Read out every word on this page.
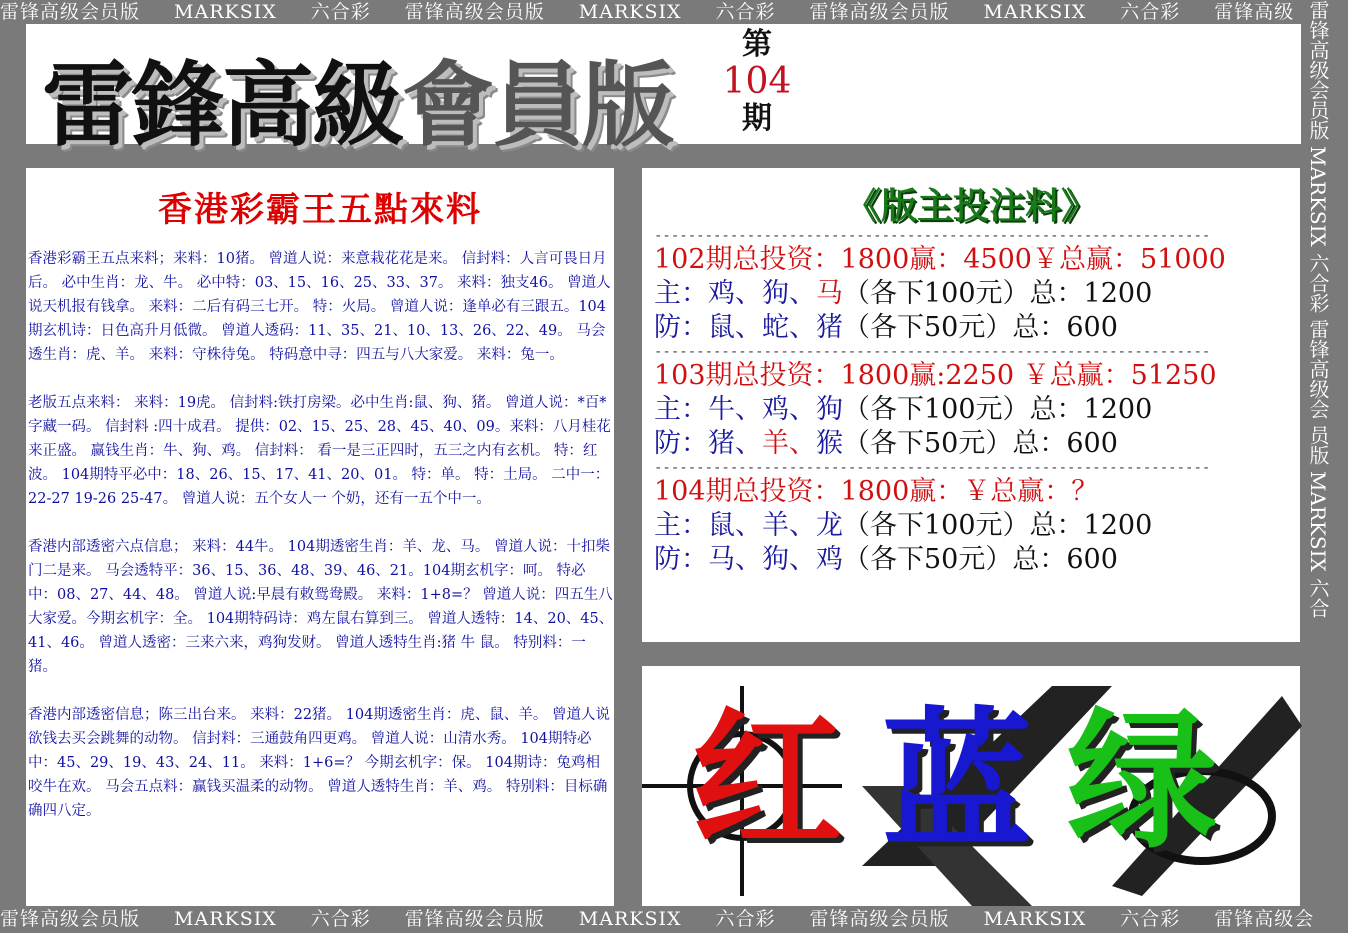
雷锋高级会员版 MARKSIX 六合彩 雷锋高级会员版 MARKSIX 六合彩 雷锋高级会员版 MARKSIX 六合彩 雷锋高级
雷锋高级会员版 MARKSIX 六合彩 雷锋高级会员版 MARKSIX 六合彩 雷锋高级会员版 MARKSIX 六合彩 雷锋高级会
雷锋高级会员版
MARKSIX
六合彩
雷锋高级会
员版
MARKSIX
六合
雷鋒高級會員版
第
104
期
香港彩霸王五點來料

香港彩霸王五点来料；来料：10猪。 曾道人说：来意栽花花是来。 信封料：人言可畏日月后。 必中生肖：龙、牛。 必中特：03、15、16、25、33、37。 来料：独支46。 曾道人说天机报有钱拿。 来料：二后有码三七开。 特：火局。 曾道人说：逢单必有三跟五。104期玄机诗：日色高升月低微。 曾道人透码：11、35、21、10、13、26、22、49。 马会透生肖：虎、羊。 来料：守株待兔。 特码意中寻：四五与八大家爱。 来料：兔一。

老版五点来料： 来料：19虎。 信封料:铁打房梁。必中生肖:鼠、狗、猪。 曾道人说：*百*字藏一码。 信封料 :四十成君。 提供：02、15、25、28、45、40、09。来料：八月桂花来正盛。 赢钱生肖：牛、狗、鸡。 信封料： 看一是三正四时，五三之内有玄机。 特：红波。 104期特平必中：18、26、15、17、41、20、01。 特：单。 特：土局。 二中一：22-27 19-26 25-47。 曾道人说：五个女人一 个奶，还有一五个中一。

香港内部透密六点信息； 来料：44牛。 104期透密生肖：羊、龙、马。 曾道人说：十扣柴门二是来。 马会透特平：36、15、36、48、39、46、21。104期玄机字：呵。 特必中：08、27、44、48。 曾道人说:早晨有敕鸳鸯殿。 来料：1+8=？ 曾道人说：四五生八大家爱。今期玄机字：全。 104期特码诗：鸡左鼠右算到三。 曾道人透特：14、20、45、41、46。 曾道人透密：三来六来，鸡狗发财。 曾道人透特生肖:猪 牛 鼠。 特别料：一猪。

香港内部透密信息；陈三出台来。 来料：22猪。 104期透密生肖：虎、鼠、羊。 曾道人说欲钱去买会跳舞的动物。 信封料：三通鼓角四更鸡。 曾道人说：山清水秀。 104期特必中：45、29、19、43、24、11。 来料：1+6=？ 今期玄机字：保。 104期诗：兔鸡相咬牛在欢。 马会五点料：赢钱买温柔的动物。 曾道人透特生肖：羊、鸡。 特别料：目标确确四八定。

《版主投注料》
------------------------------------------------------------------
102期总投资：1800赢：4500￥总赢：51000
主：鸡、狗、马（各下100元）总：1200
防：鼠、蛇、猪（各下50元）总：600
------------------------------------------------------------------
103期总投资：1800赢:2250 ￥总赢：51250
主：牛、鸡、狗（各下100元）总：1200
防：猪、羊、猴（各下50元）总：600
------------------------------------------------------------------
104期总投资：1800赢：￥总赢：？
主：鼠、羊、龙（各下100元）总：1200
防：马、狗、鸡（各下50元）总：600
红 蓝 绿
